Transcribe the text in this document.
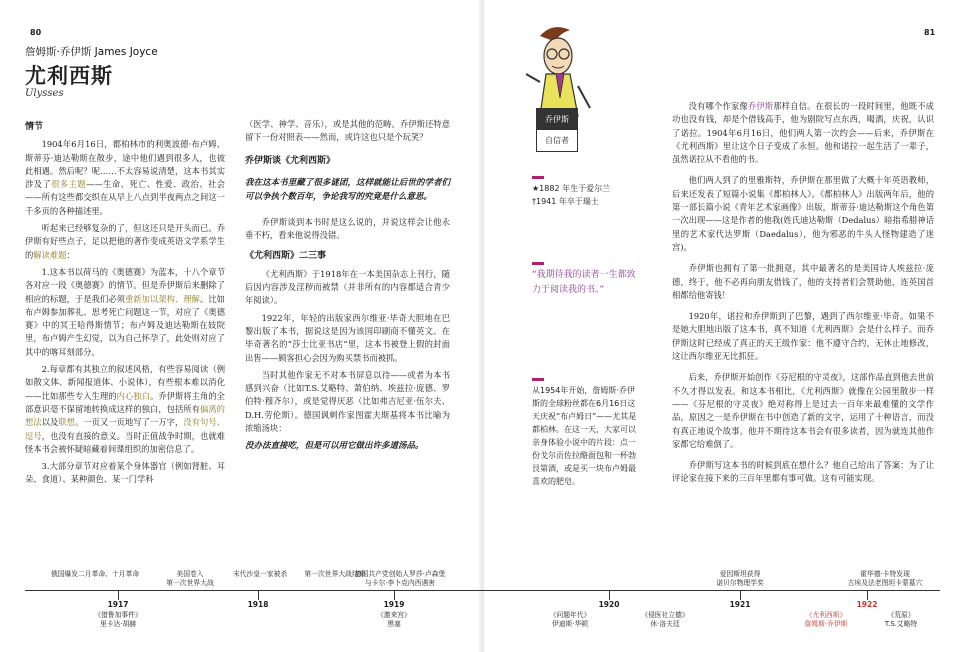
80	81
詹姆斯·乔伊斯 James Joyce
尤利西斯
Ulysses
情节

1904年6月16日，都柏林市的利奥波德·布卢姆、斯蒂芬·迪达勒斯在散步，途中他们遇到很多人，也彼此相遇。然后呢？呢……不太容易说清楚，这本书其实涉及了很多主题——生命、死亡、性爱、政治、社会——所有这些都交织在从早上八点到半夜两点之间这一千多页的各种描述里。

听起来已经够复杂的了，但这还只是开头而已。乔伊斯有好些点子，足以把他的著作变成英语文学系学生的解读难题：

1.这本书以荷马的《奥德赛》为蓝本，十八个章节各对应一段《奥德赛》的情节。但是乔伊斯后来删除了相应的标题，于是我们必须重新加以架构、理解。比如布卢姆参加葬礼、思考死亡问题这一节，对应了《奥德赛》中的冥王哈得斯情节；布卢姆及迪达勒斯在妓院里，布卢姆产生幻觉，以为自己怀孕了，此处则对应了其中的喀耳刻部分。

2.每章都有其独立的叙述风格，有些容易阅读（例如散文体、新闻报道体、小说体），有些根本难以消化——比如那些专入生理的内心独白。乔伊斯将主角的全部意识毫不保留地转换成这样的独白，包括所有偏离的想法以及联想。一页又一页地写了一万字，没有句号、逗号，也没有直接的意义。当时正值战争时期，也就难怪本书会被怀疑暗藏着间谍组织的加密信息了。

3.大部分章节对应着某个身体器官（例如肾脏、耳朵、食道）、某种颜色、某一门学科

（医学、神学、音乐），或是其他的范畴。乔伊斯还特意留下一份对照表——然而，或许这也只是个玩笑？

乔伊斯谈《尤利西斯》
我在这本书里藏了很多谜团，这样就能让后世的学者们可以争执个数百年，争论我写的究竟是什么意思。

乔伊斯谈到本书时是这么说的，并说这样会让他永垂不朽，看来他说得没错。

《尤利西斯》二三事

《尤利西斯》于1918年在一本美国杂志上刊行，随后因内容涉及淫秽而被禁（并非所有的内容都适合青少年阅读）。

1922年，年轻的出版家西尔维亚·毕奇大胆地在巴黎出版了本书，据说这是因为该国印刷商不懂英文。在毕奇著名的“莎士比亚书店”里，这本书被登上假的封面出售——顾客担心会因为购买禁书而被抓。

当时其他作家无不对本书屏息以待——或者为本书感到兴奋（比如T.S.艾略特、萧伯纳、埃兹拉·庞德、罗伯特·穆齐尔），或是觉得厌恶（比如弗吉尼亚·伍尔夫、D.H.劳伦斯）。德国讽刺作家图霍夫斯基将本书比喻为浓缩汤块：

没办法直接吃，但是可以用它做出许多道汤品。
乔伊斯
自信者
★1882 年生于爱尔兰
†1941 年卒于瑞士
“我期待我的读者一生都致力于阅读我的书。”
从1954年开始，詹姆斯·乔伊斯的全球粉丝都在6月16日这天庆祝“布卢姆日”——尤其是都柏林。在这一天，大家可以亲身体验小说中的片段：点一份戈尔贡佐拉酪面包和一杯勃艮第酒，或是买一块布卢姆最喜欢的肥皂。

没有哪个作家像乔伊斯那样自信。在很长的一段时间里，他既不成功也没有钱，却是个借钱高手，他为剧院写点东西，喝酒，庆祝，认识了诺拉。1904年6月16日，他们两人第一次约会——后来，乔伊斯在《尤利西斯》里让这个日子变成了永恒。他和诺拉一起生活了一辈子，虽然诺拉从不看他的书。

他们两人到了的里雅斯特，乔伊斯在那里做了大概十年英语教师，后来还发表了短篇小说集《都柏林人》。《都柏林人》出版两年后，他的第一部长篇小说《青年艺术家画像》出版，斯蒂芬·迪达勒斯这个角色第一次出现——这是作者的他我(姓氏迪达勒斯（Dedalus）暗指希腊神话里的艺术家代达罗斯（Daedalus），他为邪恶的牛头人怪物建造了迷宫)。

乔伊斯也拥有了第一批拥趸，其中最著名的是美国诗人埃兹拉·庞德，终于，他不必再向朋友借钱了，他的支持者们会赞助他，连英国首相都给他寄钱！

1920年，诺拉和乔伊斯到了巴黎，遇到了西尔维亚·毕奇。如果不是她大胆地出版了这本书，真不知道《尤利西斯》会是什么样子。而乔伊斯这时已经成了真正的天王级作家：他不遵守合约，无休止地修改，这让西尔维亚无比抓狂。

后来，乔伊斯开始创作《芬尼根的守灵夜》，这部作品直到他去世前不久才得以发表。和这本书相比，《尤利西斯》就像在公园里散步一样——《芬尼根的守灵夜》绝对称得上是过去一百年来最难懂的文学作品，原因之一是乔伊斯在书中创造了新的文字，运用了十种语言，而没有真正地说个故事。他并不期待这本书会有很多读者，因为就连其他作家都它给难倒了。

乔伊斯写这本书的时候到底在想什么？他自己给出了答案：为了让评论家在接下来的三百年里都有事可做。这有可能实现。

俄国爆发二月革命、十月革命	美国卷入
第一次世界大战
末代沙皇一家被杀	第一次世界大战结束
德国共产党创始人罗莎·卢森堡
与卡尔·李卜克内西遇害
爱因斯坦获得
诺贝尔物理学奖
霍华德·卡特发现
古埃及法老图坦卡蒙墓穴
1917	1918	1919	1920	1921	1922
《猎鲁加事件》
里卡达·胡赫
《邀来宫》
黑塞
《问题年代》
伊迪斯·华顿
《侵医社立德》
休·洛夫廷
《尤利西斯》
詹姆斯·乔伊斯
《荒原》
T.S.艾略特
